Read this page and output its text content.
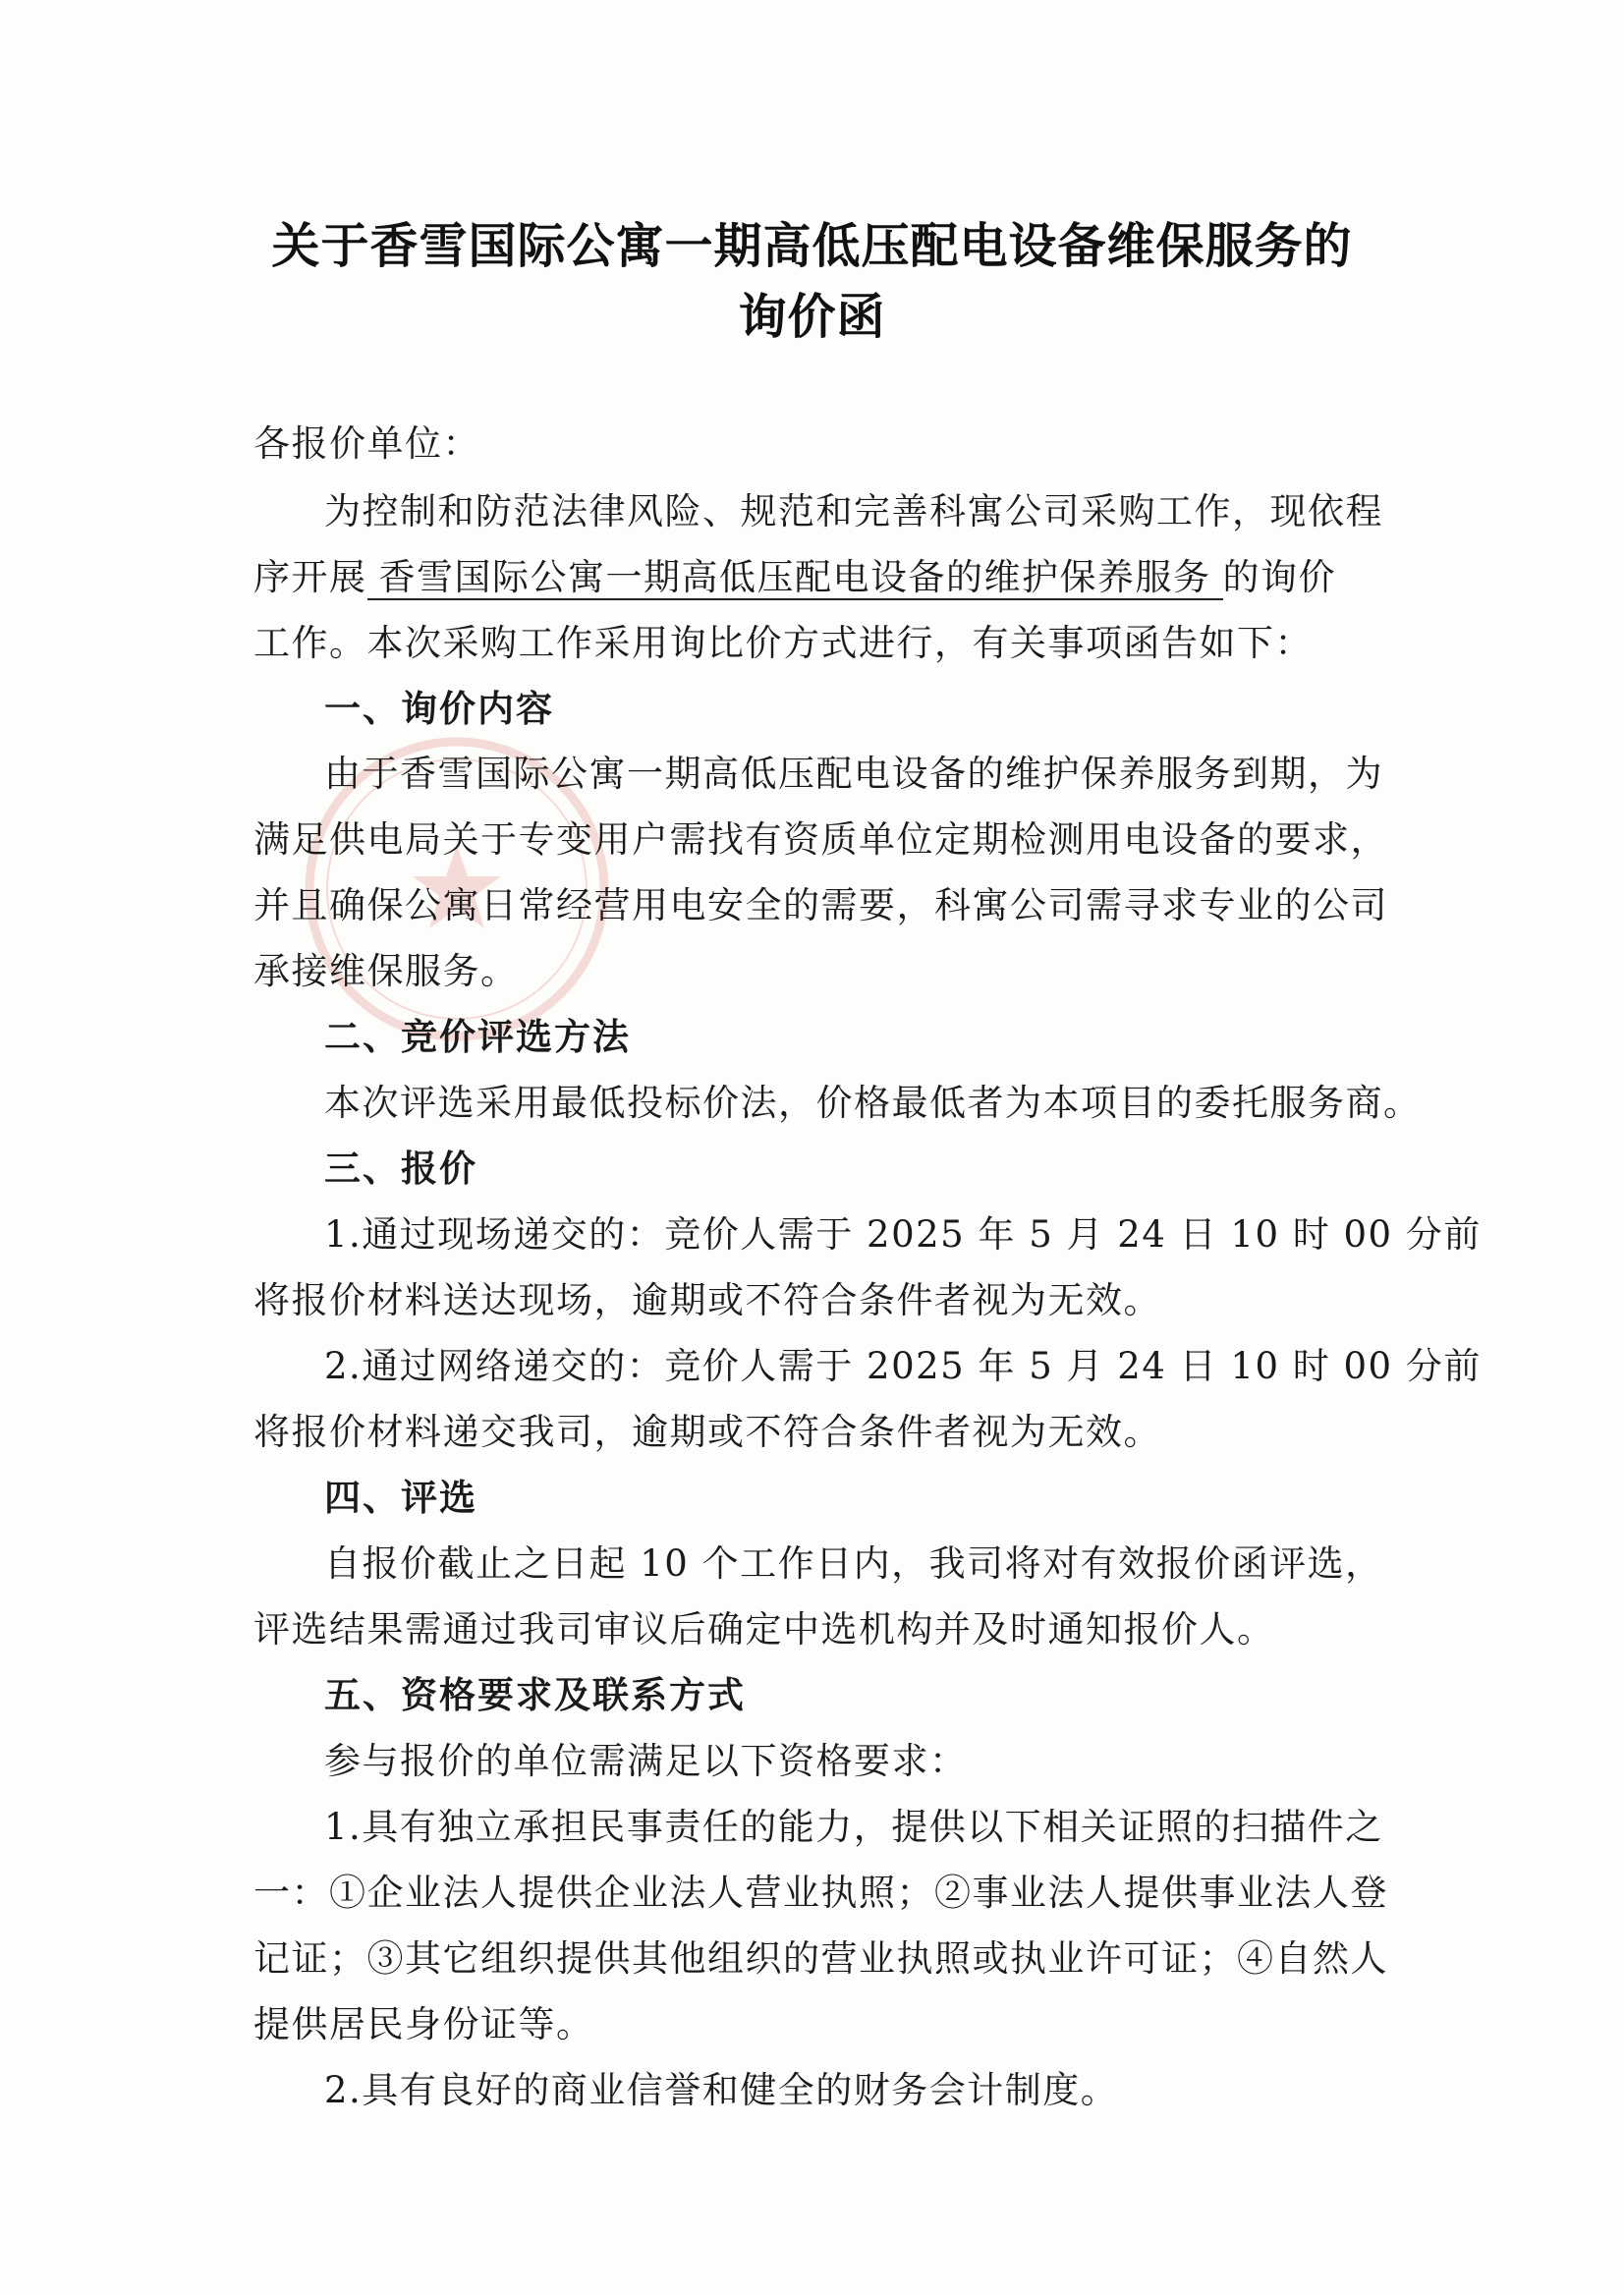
关于香雪国际公寓一期高低压配电设备维保服务的
询价函
各报价单位：
为控制和防范法律风险、规范和完善科寓公司采购工作，现依程
序开展 香雪国际公寓一期高低压配电设备的维护保养服务 的询价
工作。本次采购工作采用询比价方式进行，有关事项函告如下：
一、询价内容
由于香雪国际公寓一期高低压配电设备的维护保养服务到期，为
满足供电局关于专变用户需找有资质单位定期检测用电设备的要求，
并且确保公寓日常经营用电安全的需要，科寓公司需寻求专业的公司
承接维保服务。
二、竞价评选方法
本次评选采用最低投标价法，价格最低者为本项目的委托服务商。
三、报价
1.通过现场递交的：竞价人需于 2025 年 5 月 24 日 10 时 00 分前
将报价材料送达现场，逾期或不符合条件者视为无效。
2.通过网络递交的：竞价人需于 2025 年 5 月 24 日 10 时 00 分前
将报价材料递交我司，逾期或不符合条件者视为无效。
四、评选
自报价截止之日起 10 个工作日内，我司将对有效报价函评选，
评选结果需通过我司审议后确定中选机构并及时通知报价人。
五、资格要求及联系方式
参与报价的单位需满足以下资格要求：
1.具有独立承担民事责任的能力，提供以下相关证照的扫描件之
一：①企业法人提供企业法人营业执照；②事业法人提供事业法人登
记证；③其它组织提供其他组织的营业执照或执业许可证；④自然人
提供居民身份证等。
2.具有良好的商业信誉和健全的财务会计制度。
